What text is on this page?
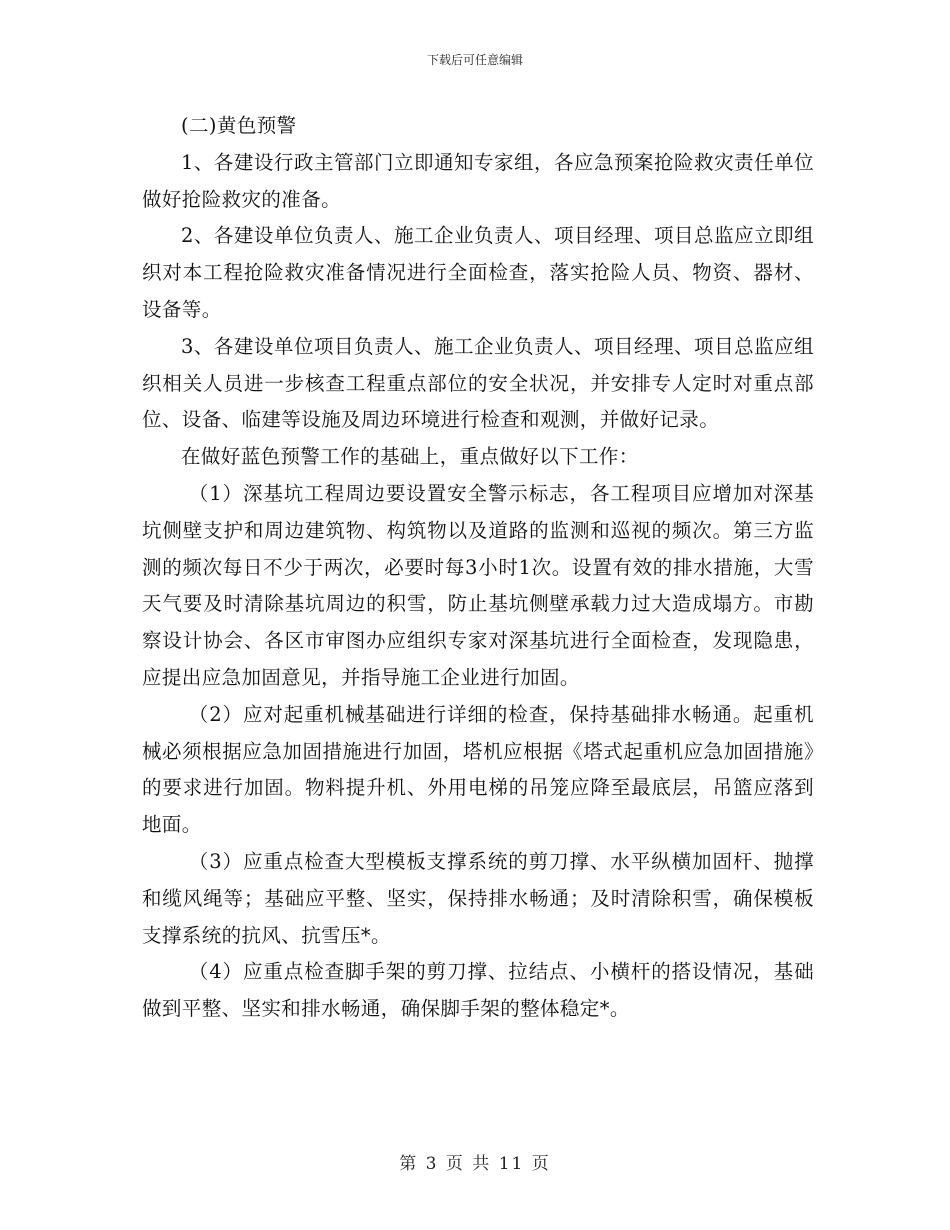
下载后可任意编辑

(二)黄色预警

1、各建设行政主管部门立即通知专家组，各应急预案抢险救灾责任单位做好抢险救灾的准备。

2、各建设单位负责人、施工企业负责人、项目经理、项目总监应立即组织对本工程抢险救灾准备情况进行全面检查，落实抢险人员、物资、器材、设备等。

3、各建设单位项目负责人、施工企业负责人、项目经理、项目总监应组织相关人员进一步核查工程重点部位的安全状况，并安排专人定时对重点部位、设备、临建等设施及周边环境进行检查和观测，并做好记录。

在做好蓝色预警工作的基础上，重点做好以下工作：

（1）深基坑工程周边要设置安全警示标志，各工程项目应增加对深基坑侧壁支护和周边建筑物、构筑物以及道路的监测和巡视的频次。第三方监测的频次每日不少于两次，必要时每3小时1次。设置有效的排水措施，大雪天气要及时清除基坑周边的积雪，防止基坑侧壁承载力过大造成塌方。市勘察设计协会、各区市审图办应组织专家对深基坑进行全面检查，发现隐患，应提出应急加固意见，并指导施工企业进行加固。

（2）应对起重机械基础进行详细的检查，保持基础排水畅通。起重机械必须根据应急加固措施进行加固，塔机应根据《塔式起重机应急加固措施》的要求进行加固。物料提升机、外用电梯的吊笼应降至最底层，吊篮应落到地面。

（3）应重点检查大型模板支撑系统的剪刀撑、水平纵横加固杆、抛撑和缆风绳等；基础应平整、坚实，保持排水畅通；及时清除积雪，确保模板支撑系统的抗风、抗雪压*。

（4）应重点检查脚手架的剪刀撑、拉结点、小横杆的搭设情况，基础做到平整、坚实和排水畅通，确保脚手架的整体稳定*。

第 3 页 共 11 页
